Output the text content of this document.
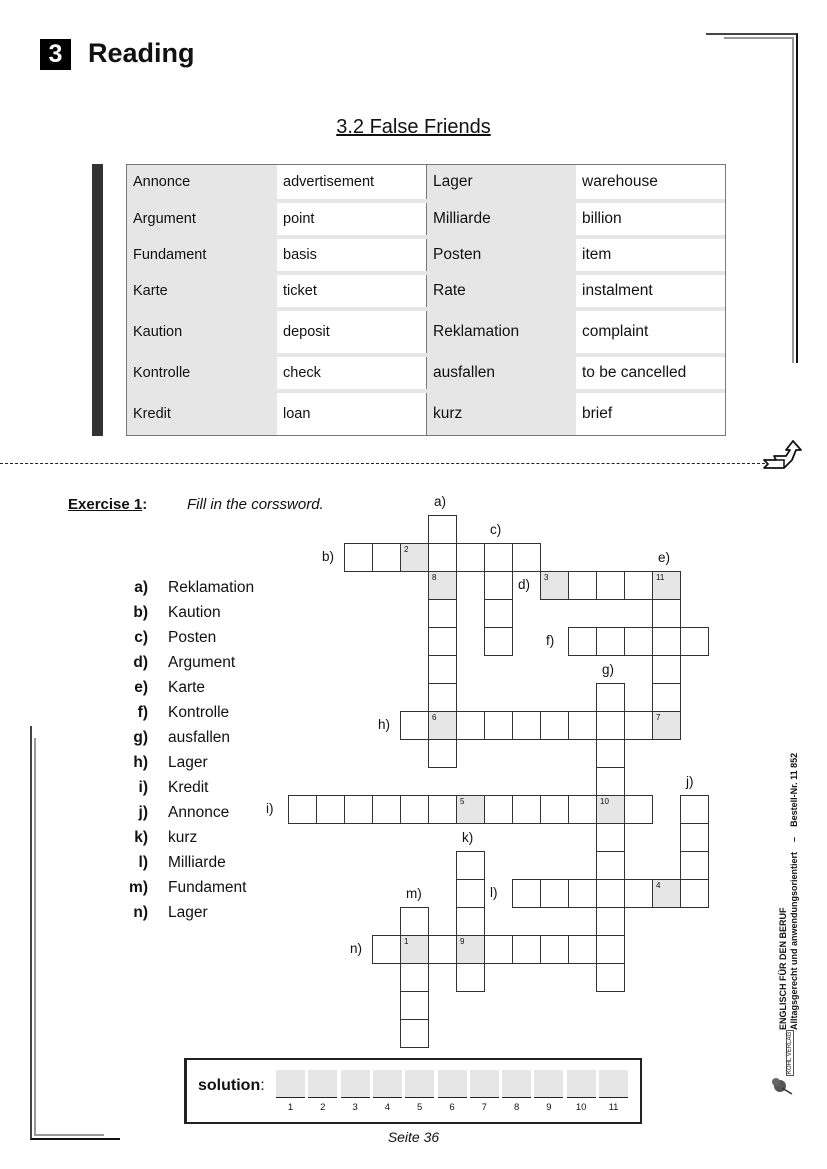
3 Reading
3.2 False Friends
Annonce	advertisement	Lager	warehouse
Argument	point	Milliarde	billion
Fundament	basis	Posten	item
Karte	ticket	Rate	instalment
Kaution	deposit	Reklamation	complaint
Kontrolle	check	ausfallen	to be cancelled
Kredit	loan	kurz	brief
Exercise 1:	Fill in the corssword.
a) Reklamation
b) Kaution
c) Posten
d) Argument
e) Karte
f) Kontrolle
g) ausfallen
h) Lager
i) Kredit
j) Annonce
k) kurz
l) Milliarde
m) Fundament
n) Lager
8
6
2
3	11
7
10
5
9
4
1
a)
b)
c)
d)
e)
f)
g)
h)
i)
j)
k)
l)
m)
n)
solution:
1	2	3	4	5	6	7	8	9	10	11
Seite 36
ENGLISCH FÜR DEN BERUF Alltagsgerecht und anwendungsorientiert    –    Bestell-Nr. 11 852
KOHL VERLAG
